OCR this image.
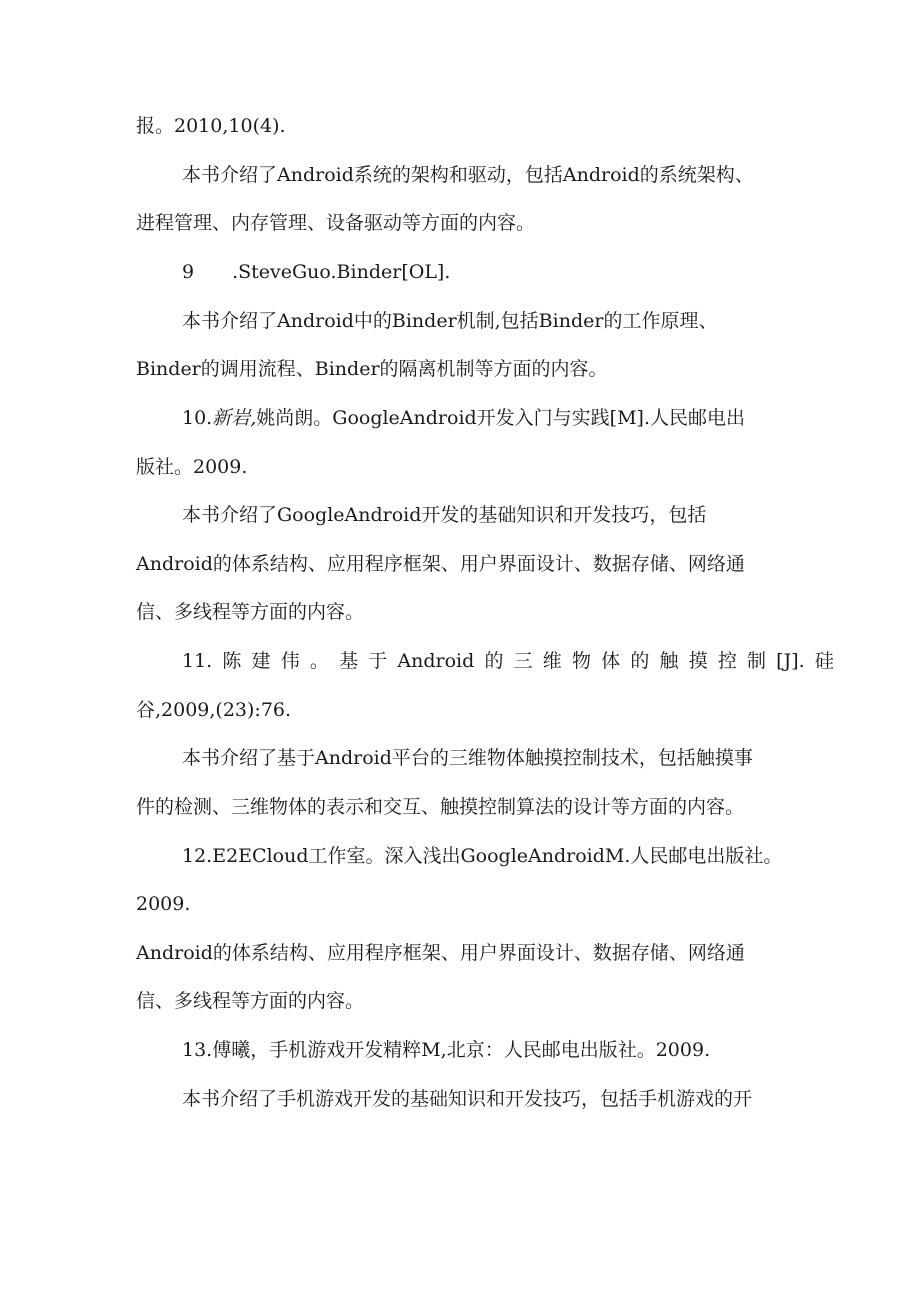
报。2010,10(4).
本书介绍了Android系统的架构和驱动，包括Android的系统架构、
进程管理、内存管理、设备驱动等方面的内容。
9　　.SteveGuo.Binder[OL].
本书介绍了Android中的Binder机制,包括Binder的工作原理、
Binder的调用流程、Binder的隔离机制等方面的内容。
10.新岩,姚尚朗。GoogleAndroid开发入门与实践[M].人民邮电出
版社。2009.
本书介绍了GoogleAndroid开发的基础知识和开发技巧，包括
Android的体系结构、应用程序框架、用户界面设计、数据存储、网络通
信、多线程等方面的内容。
11. 陈 建 伟 。 基 于 Android 的 三 维 物 体 的 触 摸 控 制 [J]. 硅
谷,2009,(23):76.
本书介绍了基于Android平台的三维物体触摸控制技术，包括触摸事
件的检测、三维物体的表示和交互、触摸控制算法的设计等方面的内容。
12.E2ECloud工作室。深入浅出GoogleAndroidM.人民邮电出版社。
2009.
Android的体系结构、应用程序框架、用户界面设计、数据存储、网络通
信、多线程等方面的内容。
13.傅曦，手机游戏开发精粹M,北京：人民邮电出版社。2009.
本书介绍了手机游戏开发的基础知识和开发技巧，包括手机游戏的开
